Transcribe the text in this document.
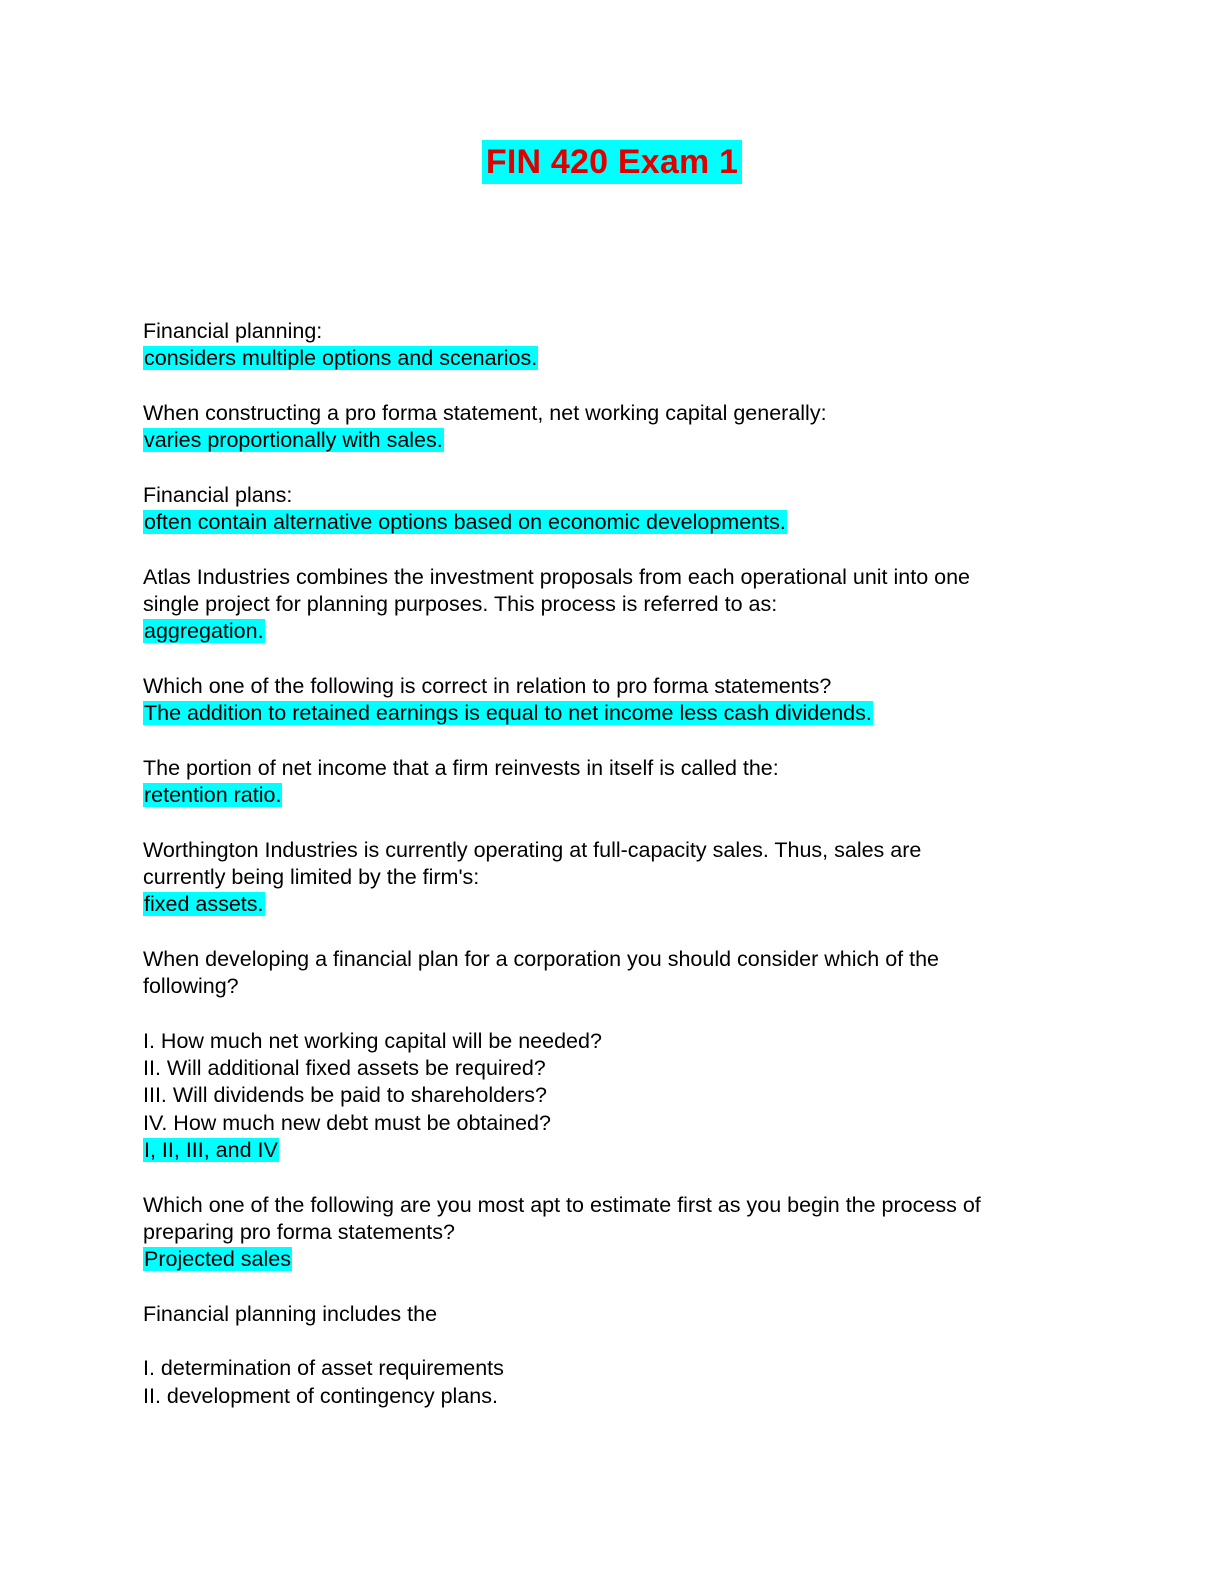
FIN 420 Exam 1
Financial planning:
considers multiple options and scenarios.
When constructing a pro forma statement, net working capital generally:
varies proportionally with sales.
Financial plans:
often contain alternative options based on economic developments.
Atlas Industries combines the investment proposals from each operational unit into one
single project for planning purposes. This process is referred to as:
aggregation.
Which one of the following is correct in relation to pro forma statements?
The addition to retained earnings is equal to net income less cash dividends.
The portion of net income that a firm reinvests in itself is called the:
retention ratio.
Worthington Industries is currently operating at full-capacity sales. Thus, sales are
currently being limited by the firm's:
fixed assets.
When developing a financial plan for a corporation you should consider which of the
following?
I. How much net working capital will be needed?
II. Will additional fixed assets be required?
III. Will dividends be paid to shareholders?
IV. How much new debt must be obtained?
I, II, III, and IV
Which one of the following are you most apt to estimate first as you begin the process of
preparing pro forma statements?
Projected sales
Financial planning includes the
I. determination of asset requirements
II. development of contingency plans.
